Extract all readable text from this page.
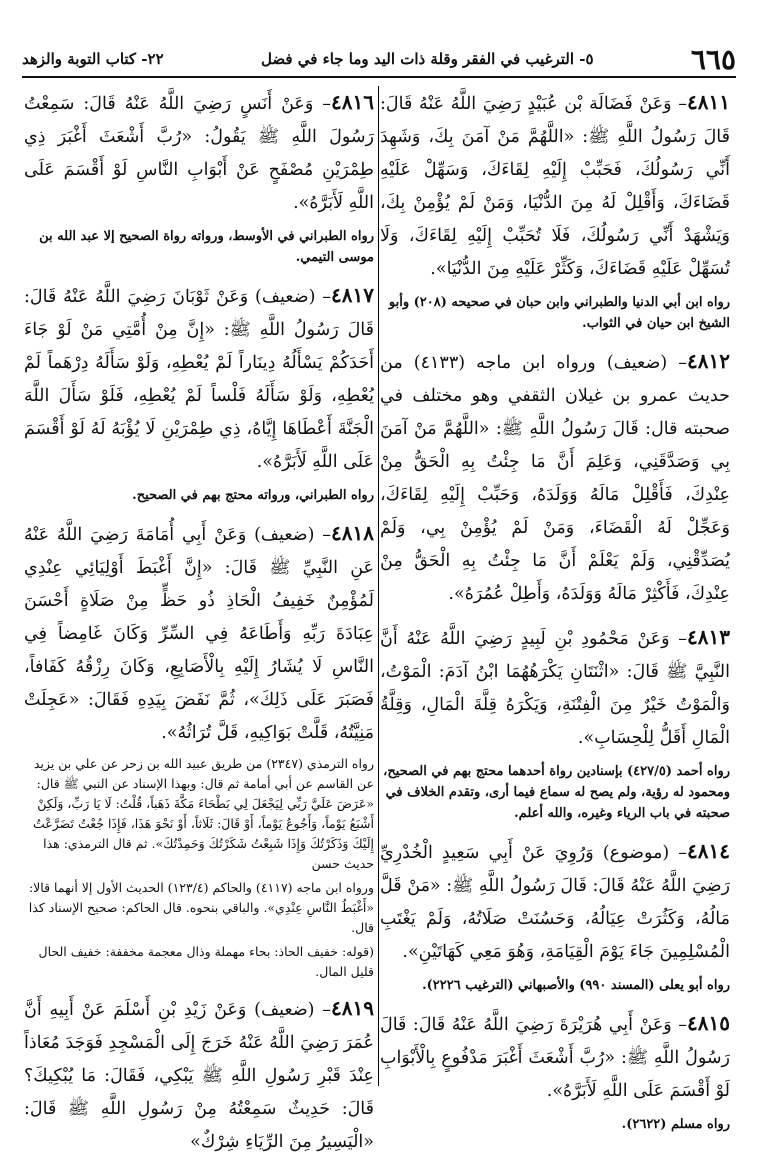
٦٦٥
٥- الترغيب في الفقر وقلة ذات اليد وما جاء في فضل
٢٢- كتاب التوبة والزهد
٤٨١١– وَعَنْ فَضَالَة بْن عُبَيْدٍ رَضِيَ اللَّهُ عَنْهُ قَالَ: قَالَ رَسُولُ اللَّهِ ﷺ: «اللَّهُمَّ مَنْ آمَنَ بِكَ، وَشَهِدَ أَنِّي رَسُولُكَ، فَحَبِّبْ إِلَيْهِ لِقَاءَكَ، وَسَهِّلْ عَلَيْهِ قَضَاءَكَ، وَأَقْلِلْ لَهُ مِنَ الدُّنْيَا، وَمَنْ لَمْ يُؤْمِنْ بِكَ، وَيَشْهَدْ أَنِّي رَسُولُكَ، فَلَا تُحَبِّبْ إِلَيْهِ لِقَاءَكَ، وَلَا تُسَهِّلْ عَلَيْهِ قَضَاءَكَ، وَكَثِّرْ عَلَيْهِ مِنَ الدُّنْيَا».
رواه ابن أبي الدنيا والطبراني وابن حبان في صحيحه (٢٠٨) وأبو الشيخ ابن حيان في الثواب.
٤٨١٢– (ضعيف) ورواه ابن ماجه (٤١٣٣) من حديث عمرو بن غيلان الثقفي وهو مختلف في صحبته قال: قَالَ رَسُولُ اللَّهِ ﷺ: «اللَّهُمَّ مَنْ آمَنَ بِي وَصَدَّقَنِي، وَعَلِمَ أَنَّ مَا جِئْتُ بِهِ الْحَقُّ مِنْ عِنْدِكَ، فَأَقْلِلْ مَالَهُ وَوَلَدَهُ، وَحَبِّبْ إِلَيْهِ لِقَاءَكَ، وَعَجِّلْ لَهُ الْقَضَاءَ، وَمَنْ لَمْ يُؤْمِنْ بِي، وَلَمْ يُصَدِّقْنِي، وَلَمْ يَعْلَمْ أَنَّ مَا جِئْتُ بِهِ الْحَقُّ مِنْ عِنْدِكَ، فَأَكْثِرْ مَالَهُ وَوَلَدَهُ، وَأَطِلْ عُمُرَهُ».
٤٨١٣– وَعَنْ مَحْمُودِ بْنِ لَبِيدٍ رَضِيَ اللَّهُ عَنْهُ أَنَّ النَّبِيَّ ﷺ قَالَ: «اثْنَتَانِ يَكْرَهُهُمَا ابْنُ آدَمَ: الْمَوْتُ، وَالْمَوْتُ خَيْرٌ مِنَ الْفِتْنَةِ، وَيَكْرَهُ قِلَّةَ الْمَالِ، وَقِلَّةُ الْمَالِ أَقَلُّ لِلْحِسَابِ».
رواه أحمد (٤٢٧/٥) بإسنادين رواة أحدهما محتج بهم في الصحيح، ومحمود له رؤية، ولم يصح له سماع فيما أرى، وتقدم الخلاف في صحبته في باب الرياء وغيره، والله أعلم.
٤٨١٤– (موضوع) وَرُوِيَ عَنْ أَبِي سَعِيدٍ الْخُدْرِيِّ رَضِيَ اللَّهُ عَنْهُ قَالَ: قَالَ رَسُولُ اللَّهِ ﷺ: «مَنْ قَلَّ مَالُهُ، وَكَثُرَتْ عِيَالُهُ، وَحَسُنَتْ صَلَاتُهُ، وَلَمْ يَغْتَبِ الْمُسْلِمِينَ جَاءَ يَوْمَ الْقِيَامَةِ، وَهُوَ مَعِي كَهَاتَيْنِ».
رواه أبو يعلى (المسند ٩٩٠) والأصبهاني (الترغيب ٢٢٢٦).
٤٨١٥– وَعَنْ أَبِي هُرَيْرَةَ رَضِيَ اللَّهُ عَنْهُ قَالَ: قَالَ رَسُولُ اللَّهِ ﷺ: «رُبَّ أَشْعَثَ أَغْبَرَ مَدْفُوعٍ بِالْأَبْوَابِ لَوْ أَقْسَمَ عَلَى اللَّهِ لَأَبَرَّهُ».
رواه مسلم (٢٦٢٢).
٤٨١٦– وَعَنْ أَنَسٍ رَضِيَ اللَّهُ عَنْهُ قَالَ: سَمِعْتُ رَسُولَ اللَّهِ ﷺ يَقُولُ: «رُبَّ أَشْعَثَ أَغْبَرَ ذِي طِمْرَيْنِ مُصْفَحٍ عَنْ أَبْوَابِ النَّاسِ لَوْ أَقْسَمَ عَلَى اللَّهِ لَأَبَرَّهُ».
رواه الطبراني في الأوسط، ورواته رواة الصحيح إلا عبد الله بن موسى التيمي.
٤٨١٧– (ضعيف) وَعَنْ ثَوْبَانَ رَضِيَ اللَّهُ عَنْهُ قَالَ: قَالَ رَسُولُ اللَّهِ ﷺ: «إِنَّ مِنْ أُمَّتِي مَنْ لَوْ جَاءَ أَحَدَكُمْ يَسْأَلُهُ دِينَاراً لَمْ يُعْطِهِ، وَلَوْ سَأَلَهُ دِرْهَماً لَمْ يُعْطِهِ، وَلَوْ سَأَلَهُ فَلْساً لَمْ يُعْطِهِ، فَلَوْ سَأَلَ اللَّهَ الْجَنَّةَ أَعْطَاهَا إِيَّاهُ، ذِي طِمْرَيْنِ لَا يُؤْبَهُ لَهُ لَوْ أَقْسَمَ عَلَى اللَّهِ لَأَبَرَّهُ».
رواه الطبراني، ورواته محتج بهم في الصحيح.
٤٨١٨– (ضعيف) وَعَنْ أَبِي أُمَامَةَ رَضِيَ اللَّهُ عَنْهُ عَنِ النَّبِيِّ ﷺ قَالَ: «إِنَّ أَغْبَطَ أَوْلِيَائِي عِنْدِي لَمُؤْمِنٌ خَفِيفُ الْحَاذِ ذُو حَظٍّ مِنْ صَلَاةٍ أَحْسَنَ عِبَادَةَ رَبِّهِ وَأَطَاعَهُ فِي السِّرِّ وَكَانَ غَامِضاً فِي النَّاسِ لَا يُشَارُ إِلَيْهِ بِالْأَصَابِعِ، وَكَانَ رِزْقُهُ كَفَافاً، فَصَبَرَ عَلَى ذَلِكَ»، ثُمَّ نَفَضَ بِيَدِهِ فَقَالَ: «عَجِلَتْ مَنِيَّتُهُ، قَلَّتْ بَوَاكِيهِ، قَلَّ تُرَاثُهُ».
رواه الترمذي (٢٣٤٧) من طريق عبيد الله بن زحر عن علي بن يزيد عن القاسم عن أبي أمامة ثم قال: وبهذا الإسناد عن النبي ﷺ قال: «عَرَضَ عَلَيَّ رَبِّي لِيَجْعَلَ لِي بَطْحَاءَ مَكَّةَ ذَهَباً، قُلْتُ: لَا يَا رَبِّ، وَلَكِنْ أَشْبَعُ يَوْماً، وَأَجُوعُ يَوْماً، أَوْ قَالَ: ثَلَاثاً، أَوْ نَحْوَ هَذَا، فَإِذَا جُعْتُ تَضَرَّعْتُ إِلَيْكَ وَذَكَرْتُكَ وَإِذَا شَبِعْتُ شَكَرْتُكَ وَحَمِدْتُكَ». ثم قال الترمذي: هذا حديث حسن
ورواه ابن ماجه (٤١١٧) والحاكم (١٢٣/٤) الحديث الأول إلا أنهما قالا: «أَغْبَطُ النَّاسِ عِنْدِي». والباقي بنحوه. قال الحاكم: صحيح الإسناد كذا قال.
(قوله: خفيف الحاذ: بحاء مهملة وذال معجمة مخففة: خفيف الحال قليل المال.
٤٨١٩– (ضعيف) وَعَنْ زَيْدِ بْنِ أَسْلَمَ عَنْ أَبِيهِ أَنَّ عُمَرَ رَضِيَ اللَّهُ عَنْهُ خَرَجَ إِلَى الْمَسْجِدِ فَوَجَدَ مُعَاذاً عِنْدَ قَبْرِ رَسُولِ اللَّهِ ﷺ يَبْكِي، فَقَالَ: مَا يُبْكِيكَ؟ قَالَ: حَدِيثٌ سَمِعْتُهُ مِنْ رَسُولِ اللَّهِ ﷺ قَالَ: «الْيَسِيرُ مِنَ الرِّيَاءِ شِرْكٌ»
